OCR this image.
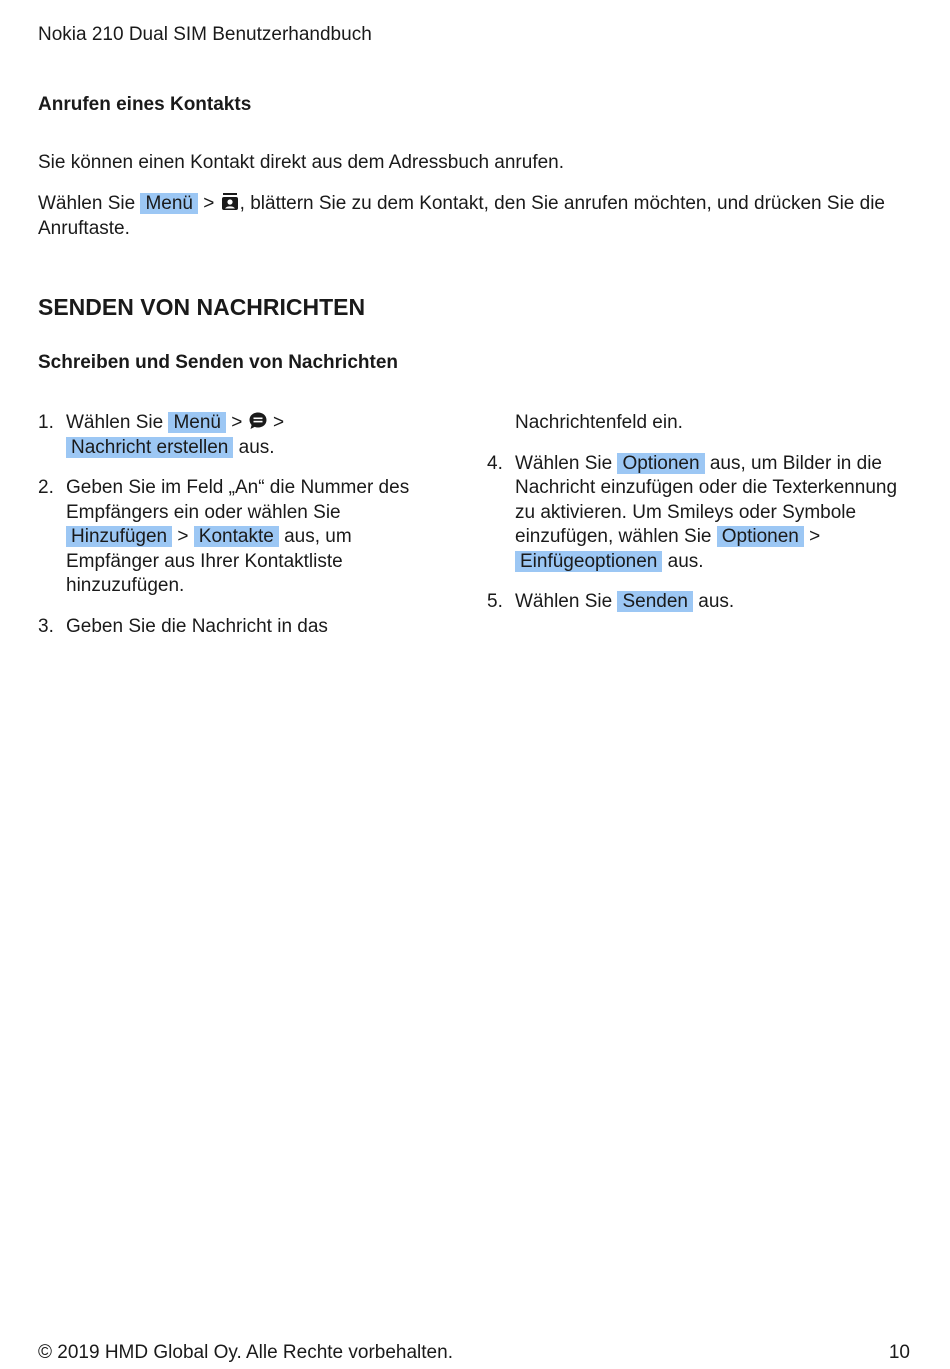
Nokia 210 Dual SIM Benutzerhandbuch
Anrufen eines Kontakts
Sie können einen Kontakt direkt aus dem Adressbuch anrufen.
Wählen Sie Menü > , blättern Sie zu dem Kontakt, den Sie anrufen möchten, und drücken Sie die Anruftaste.
SENDEN VON NACHRICHTEN
Schreiben und Senden von Nachrichten
1. Wählen Sie Menü > >
Nachricht erstellen aus.
2. Geben Sie im Feld „An“ die Nummer des Empfängers ein oder wählen Sie Hinzufügen > Kontakte aus, um Empfänger aus Ihrer Kontaktliste hinzuzufügen.
3. Geben Sie die Nachricht in das
Nachrichtenfeld ein.
4. Wählen Sie Optionen aus, um Bilder in die Nachricht einzufügen oder die Texterkennung zu aktivieren. Um Smileys oder Symbole einzufügen, wählen Sie Optionen > Einfügeoptionen aus.
5. Wählen Sie Senden aus.
© 2019 HMD Global Oy. Alle Rechte vorbehalten.	10
